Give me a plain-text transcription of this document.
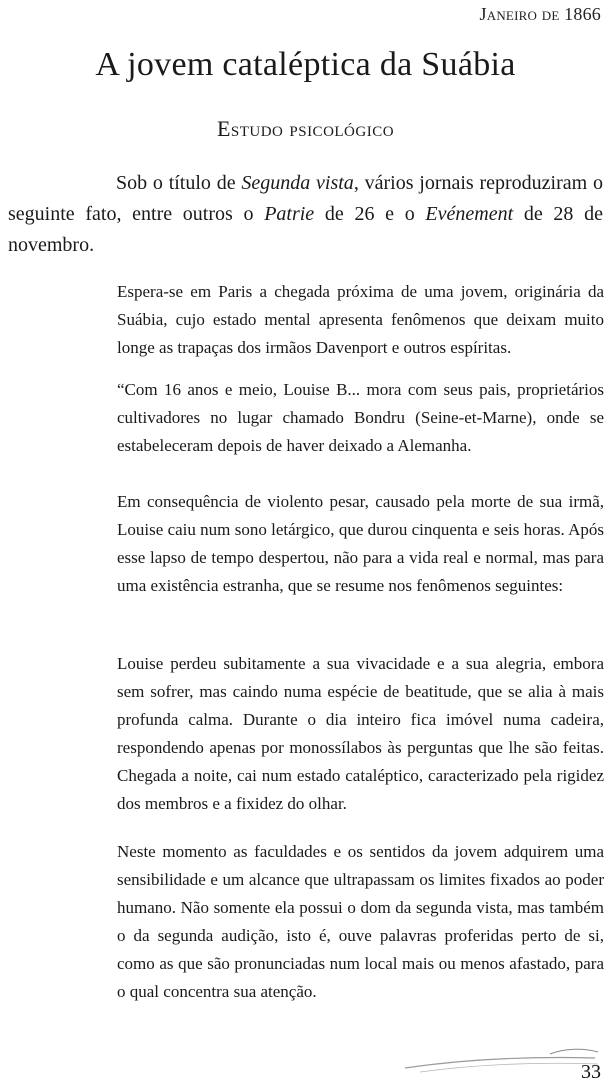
Janeiro de 1866
A jovem cataléptica da Suábia
Estudo psicológico

Sob o título de Segunda vista, vários jornais reproduziram o seguinte fato, entre outros o Patrie de 26 e o Evénement de 28 de novembro.

Espera-se em Paris a chegada próxima de uma jovem, originária da Suábia, cujo estado mental apresenta fenômenos que deixam muito longe as trapaças dos irmãos Davenport e outros espíritas.

“Com 16 anos e meio, Louise B... mora com seus pais, proprietários cultivadores no lugar chamado Bondru (Seine-et-Marne), onde se estabeleceram depois de haver deixado a Alemanha.

Em consequência de violento pesar, causado pela morte de sua irmã, Louise caiu num sono letárgico, que durou cinquenta e seis horas. Após esse lapso de tempo despertou, não para a vida real e normal, mas para uma existência estranha, que se resume nos fenômenos seguintes:

Louise perdeu subitamente a sua vivacidade e a sua alegria, embora sem sofrer, mas caindo numa espécie de beatitude, que se alia à mais profunda calma. Durante o dia inteiro fica imóvel numa cadeira, respondendo apenas por monossílabos às perguntas que lhe são feitas. Chegada a noite, cai num estado cataléptico, caracterizado pela rigidez dos membros e a fixidez do olhar.

Neste momento as faculdades e os sentidos da jovem adquirem uma sensibilidade e um alcance que ultrapassam os limites fixados ao poder humano. Não somente ela possui o dom da segunda vista, mas também o da segunda audição, isto é, ouve palavras proferidas perto de si, como as que são pronunciadas num local mais ou menos afastado, para o qual concentra sua atenção.

33
